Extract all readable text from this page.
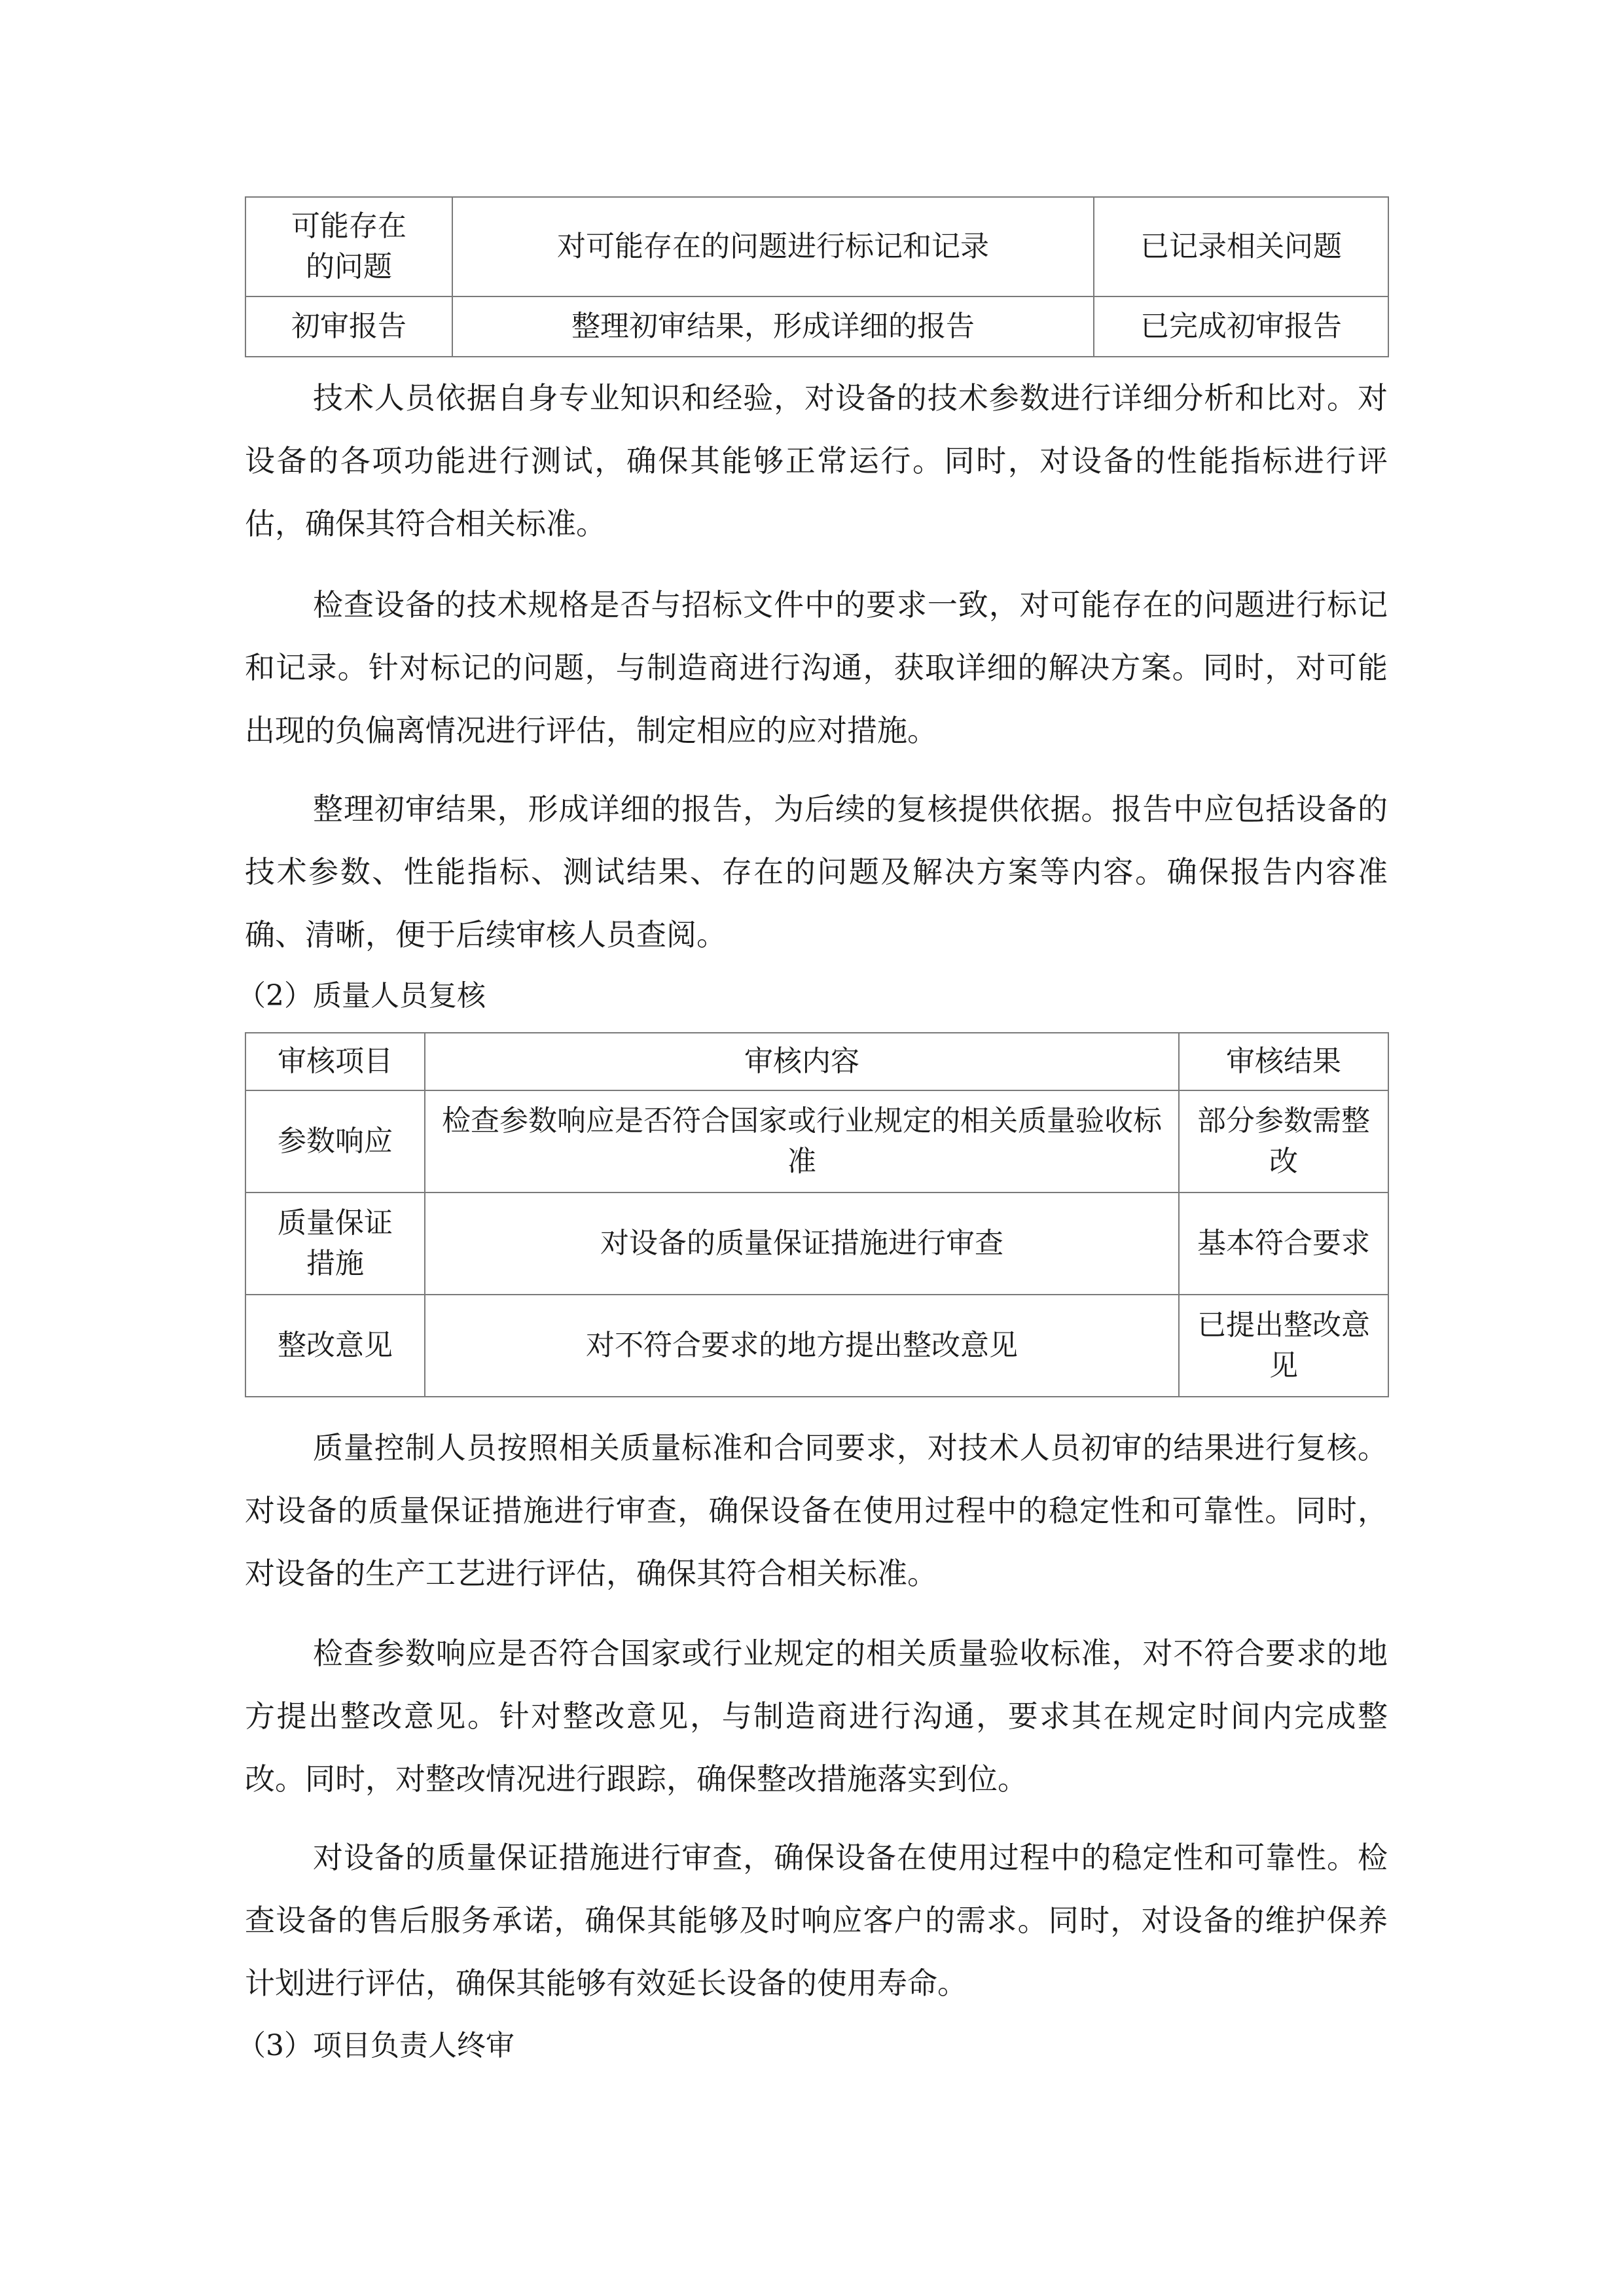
可能存在的问题	对可能存在的问题进行标记和记录	已记录相关问题
初审报告	整理初审结果，形成详细的报告	已完成初审报告

技术人员依据自身专业知识和经验，对设备的技术参数进行详细分析和比对。对设备的各项功能进行测试，确保其能够正常运行。同时，对设备的性能指标进行评估，确保其符合相关标准。

检查设备的技术规格是否与招标文件中的要求一致，对可能存在的问题进行标记和记录。针对标记的问题，与制造商进行沟通，获取详细的解决方案。同时，对可能出现的负偏离情况进行评估，制定相应的应对措施。

整理初审结果，形成详细的报告，为后续的复核提供依据。报告中应包括设备的技术参数、性能指标、测试结果、存在的问题及解决方案等内容。确保报告内容准确、清晰，便于后续审核人员查阅。

（2）质量人员复核

审核项目	审核内容	审核结果
参数响应	检查参数响应是否符合国家或行业规定的相关质量验收标准	部分参数需整改
质量保证措施	对设备的质量保证措施进行审查	基本符合要求
整改意见	对不符合要求的地方提出整改意见	已提出整改意见

质量控制人员按照相关质量标准和合同要求，对技术人员初审的结果进行复核。对设备的质量保证措施进行审查，确保设备在使用过程中的稳定性和可靠性。同时，对设备的生产工艺进行评估，确保其符合相关标准。

检查参数响应是否符合国家或行业规定的相关质量验收标准，对不符合要求的地方提出整改意见。针对整改意见，与制造商进行沟通，要求其在规定时间内完成整改。同时，对整改情况进行跟踪，确保整改措施落实到位。

对设备的质量保证措施进行审查，确保设备在使用过程中的稳定性和可靠性。检查设备的售后服务承诺，确保其能够及时响应客户的需求。同时，对设备的维护保养计划进行评估，确保其能够有效延长设备的使用寿命。

（3）项目负责人终审
